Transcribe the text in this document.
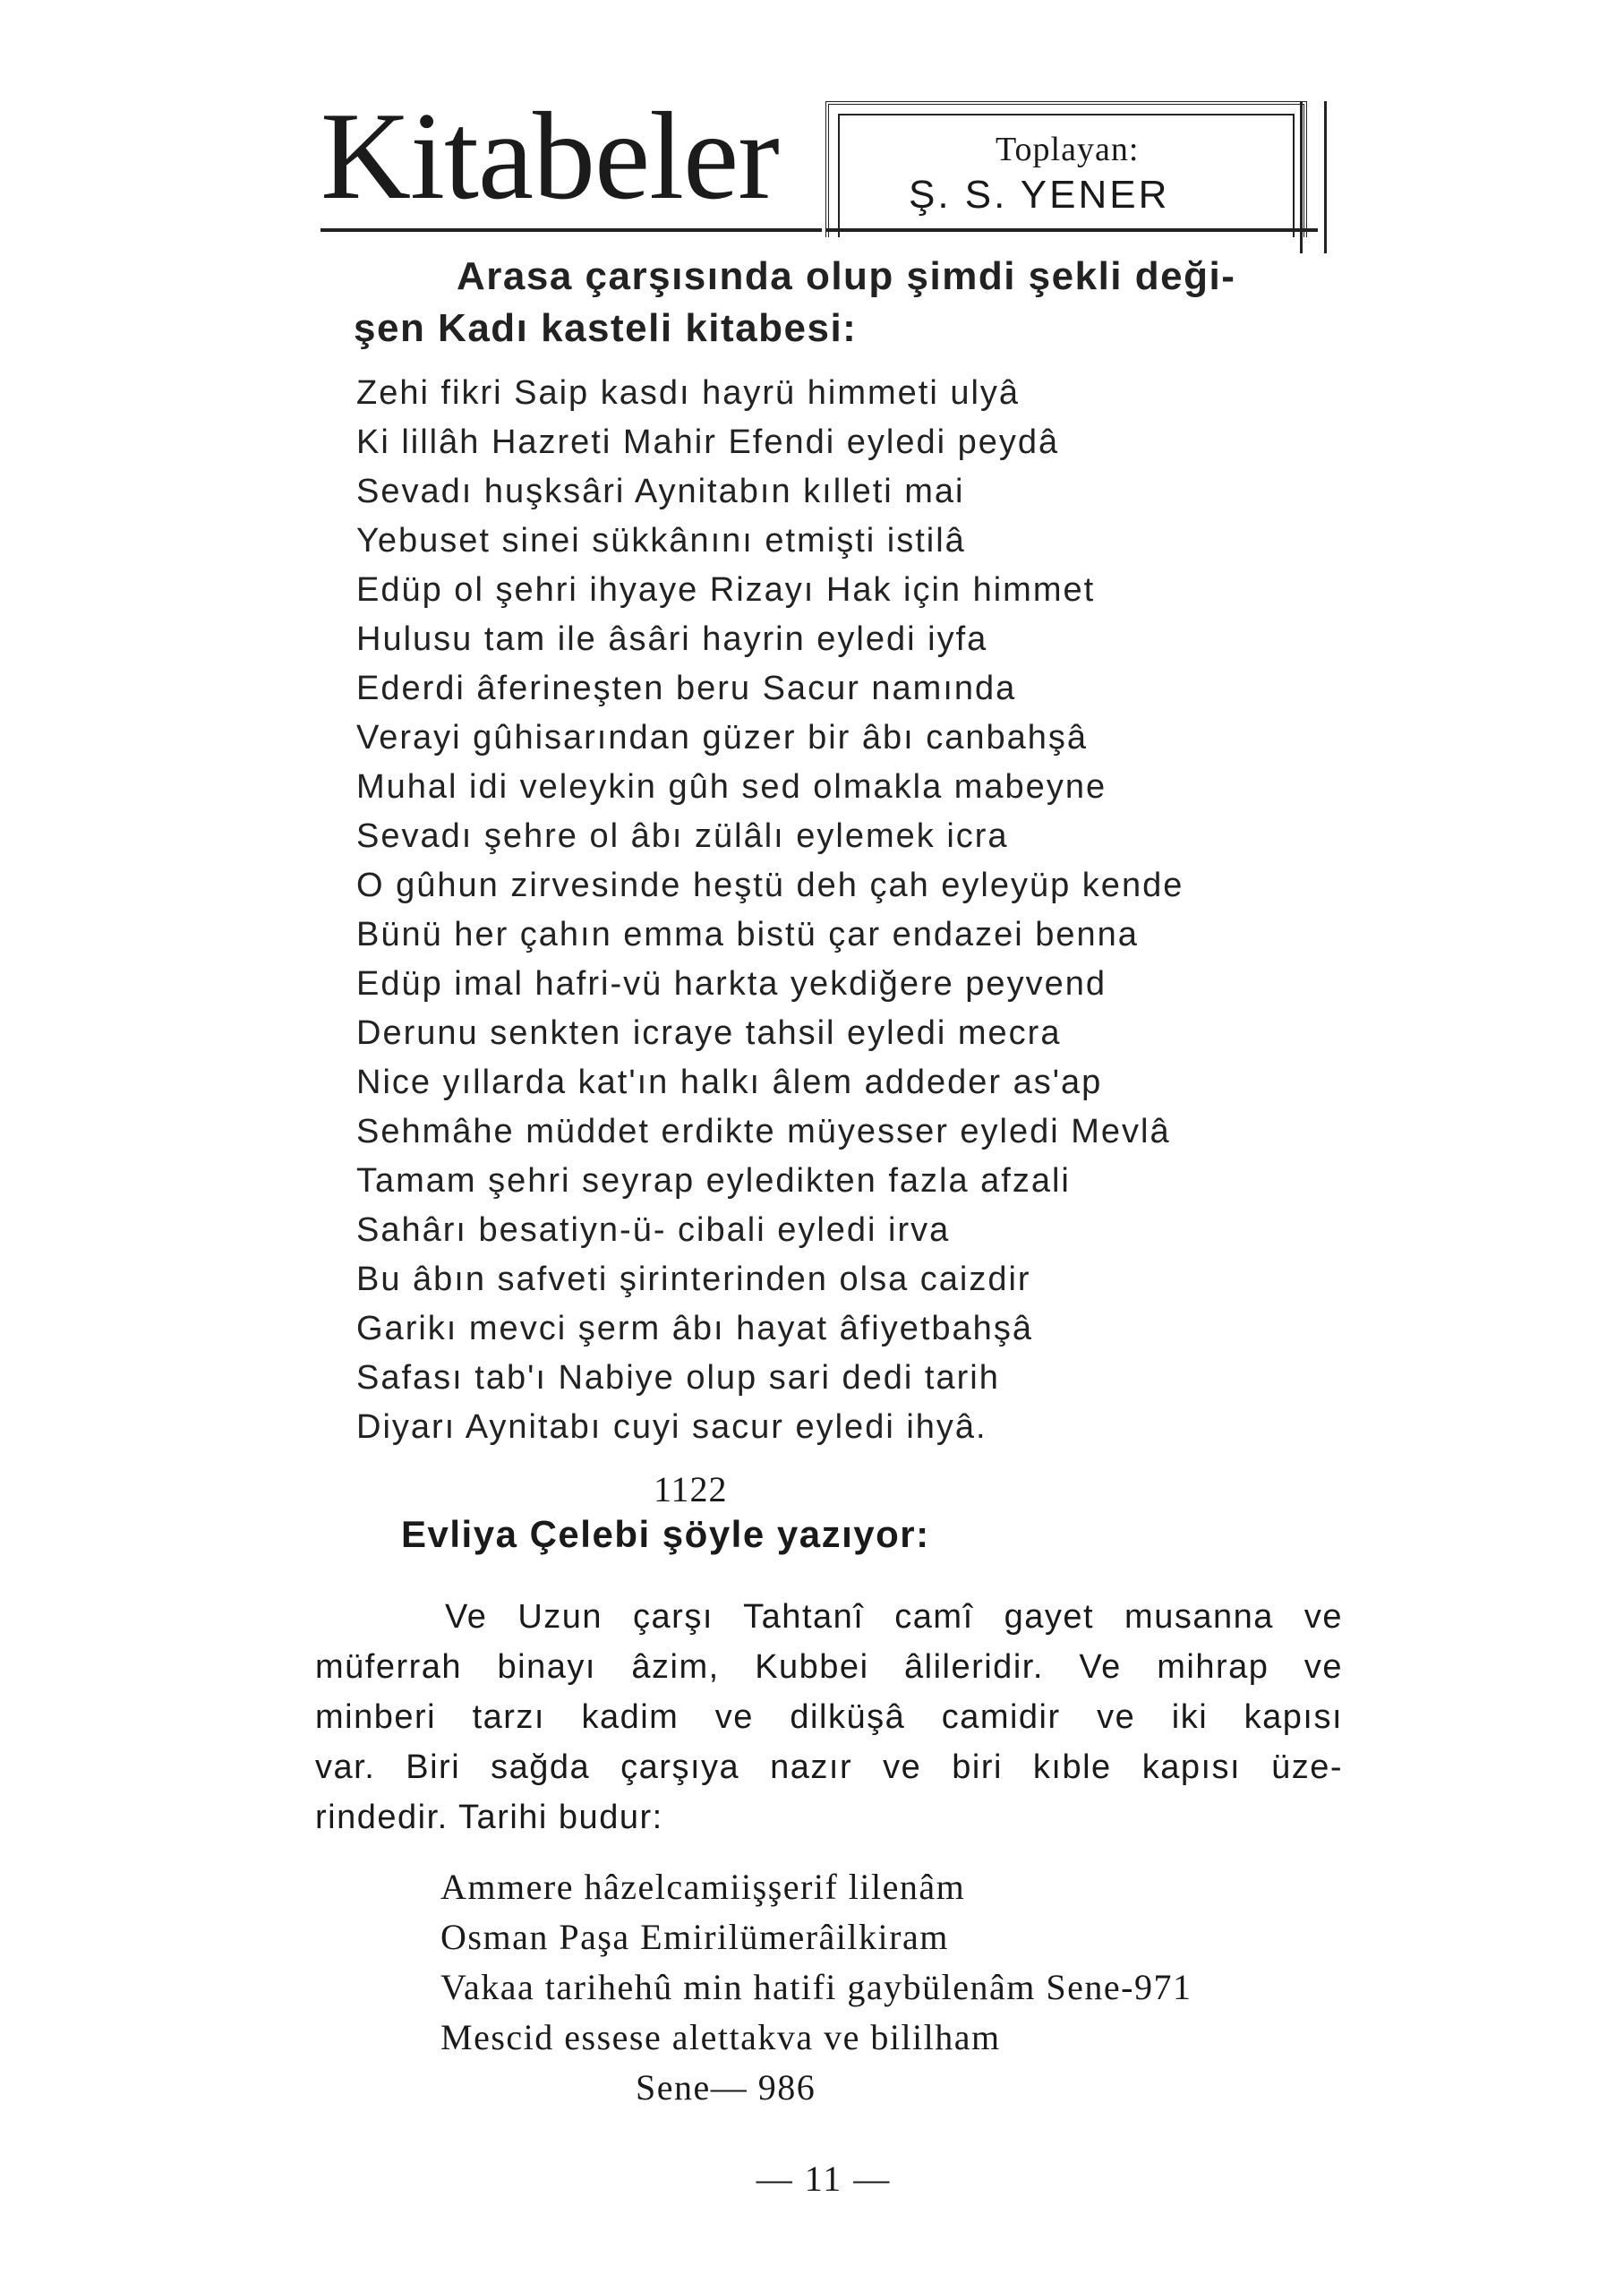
Kitabeler	Toplayan:
Ş. S. YENER
Arasa çarşısında olup şimdi şekli deği-
şen Kadı kasteli kitabesi:
Zehi fikri Saip kasdı hayrü himmeti ulyâ
Ki lillâh Hazreti Mahir Efendi eyledi peydâ
Sevadı huşksâri Aynitabın kılleti mai
Yebuset sinei sükkânını etmişti istilâ
Edüp ol şehri ihyaye Rizayı Hak için himmet
Hulusu tam ile âsâri hayrin eyledi iyfa
Ederdi âferineşten beru Sacur namında
Verayi gûhisarından güzer bir âbı canbahşâ
Muhal idi veleykin gûh sed olmakla mabeyne
Sevadı şehre ol âbı zülâlı eylemek icra
O gûhun zirvesinde heştü deh çah eyleyüp kende
Bünü her çahın emma bistü çar endazei benna
Edüp imal hafri-vü harkta yekdiğere peyvend
Derunu senkten icraye tahsil eyledi mecra
Nice yıllarda kat'ın halkı âlem addeder as'ap
Sehmâhe müddet erdikte müyesser eyledi Mevlâ
Tamam şehri seyrap eyledikten fazla afzali
Sahârı besatiyn-ü- cibali eyledi irva
Bu âbın safveti şirinterinden olsa caizdir
Garikı mevci şerm âbı hayat âfiyetbahşâ
Safası tab'ı Nabiye olup sari dedi tarih
Diyarı Aynitabı cuyi sacur eyledi ihyâ.
1122
Evliya Çelebi şöyle yazıyor:
Ve Uzun çarşı Tahtanî camî gayet musanna ve
müferrah binayı âzim, Kubbei âlileridir. Ve mihrap ve
minberi tarzı kadim ve dilküşâ camidir ve iki kapısı
var. Biri sağda çarşıya nazır ve biri kıble kapısı üze-
rindedir. Tarihi budur:
Ammere hâzelcamiişşerif lilenâm
Osman Paşa Emirilümerâilkiram
Vakaa tarihehû min hatifi gaybülenâm Sene-971
Mescid essese alettakva ve bililham
Sene— 986
— 11 —
